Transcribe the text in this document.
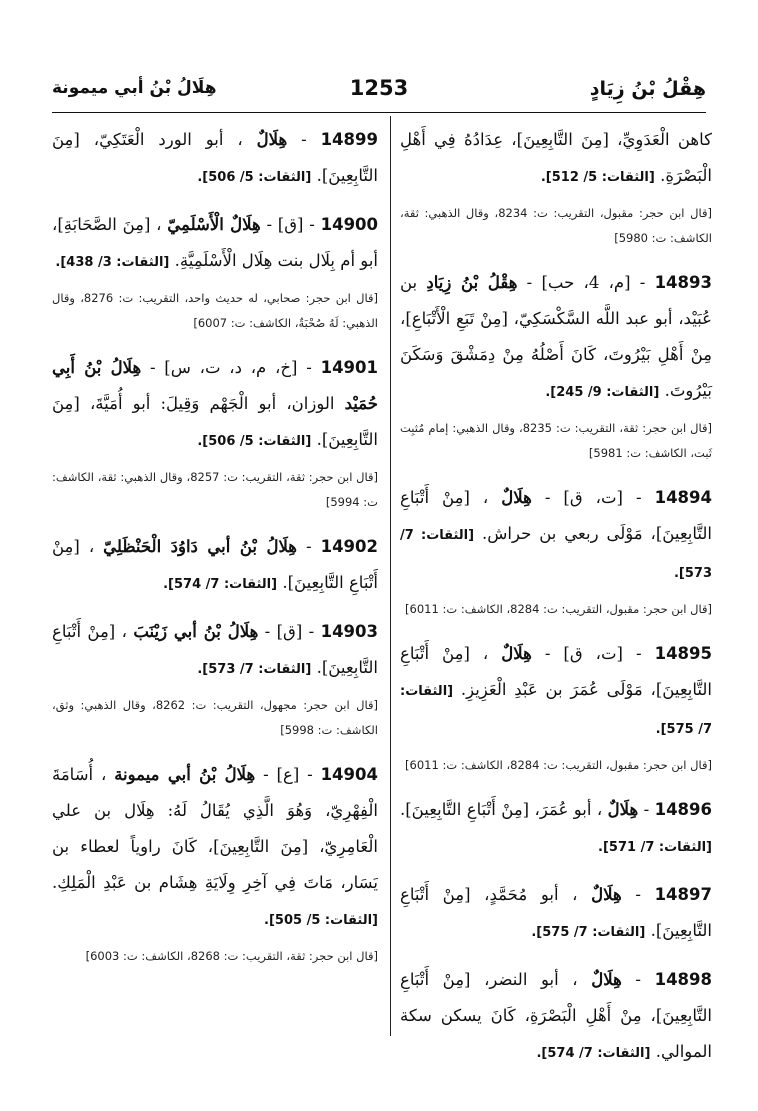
هِقْلُ بْنُ زِيَادٍ
1253
هِلَالُ بْنُ أبي ميمونة
كاهن الْعَدَوِيِّ، [مِنَ التَّابِعِينَ]، عِدَادُهُ فِي أَهْلِ الْبَصْرَةِ. [الثقات: 5/ 512].
[قال ابن حجر: مقبول، التقريب: ت: 8234، وقال الذهبي: ثقة، الكاشف: ت: 5980]
14893 - [م، 4، حب] - هِقْلُ بْنُ زِيَادِ بن عُبَيْد، أبو عبد اللَّه السَّكْسَكِيّ، [مِنْ تَبَعِ الْأَتْبَاعِ]، مِنْ أَهْلِ بَيْرُوتَ، كَانَ أَصْلُهُ مِنْ دِمَشْقَ وَسَكَنَ بَيْرُوتَ. [الثقات: 9/ 245].
[قال ابن حجر: ثقة، التقريب: ت: 8235، وقال الذهبي: إمام مُثبِت ثَبت، الكاشف: ت: 5981]
14894 - [ت، ق] - هِلَالٌ ، [مِنْ أَتْبَاعِ التَّابِعِينَ]، مَوْلَى ربعي بن حراش. [الثقات: 7/ 573].
[قال ابن حجر: مقبول، التقريب: ت: 8284، الكاشف: ت: 6011]
14895 - [ت، ق] - هِلَالٌ ، [مِنْ أَتْبَاعِ التَّابِعِينَ]، مَوْلَى عُمَرَ بن عَبْدِ الْعَزِيزِ. [الثقات: 7/ 575].
[قال ابن حجر: مقبول، التقريب: ت: 8284، الكاشف: ت: 6011]
14896 - هِلَالٌ ، أبو عُمَرَ، [مِنْ أَتْبَاعِ التَّابِعِينَ]. [الثقات: 7/ 571].
14897 - هِلَالٌ ، أبو مُحَمَّدٍ، [مِنْ أَتْبَاعِ التَّابِعِينَ]. [الثقات: 7/ 575].
14898 - هِلَالٌ ، أبو النضر، [مِنْ أَتْبَاعِ التَّابِعِينَ]، مِنْ أَهْلِ الْبَصْرَةِ، كَانَ يسكن سكة الموالي. [الثقات: 7/ 574].
14899 - هِلَالٌ ، أبو الورد الْعَتَكِيّ، [مِنَ التَّابِعِينَ]. [الثقات: 5/ 506].
14900 - [ق] - هِلَالٌ الْأَسْلَمِيّ ، [مِنَ الصَّحَابَةِ]، أبو أم بِلَال بنت هِلَال الْأَسْلَمِيَّةِ. [الثقات: 3/ 438].
[قال ابن حجر: صحابي، له حديث واحد، التقريب: ت: 8276، وقال الذهبي: لَهُ صُحْبَةٌ، الكاشف: ت: 6007]
14901 - [خ، م، د، ت، س] - هِلَالُ بْنُ أَبِي حُمَيْد الوزان، أبو الْجَهْم وَقِيلَ: أبو أُمَيَّةَ، [مِنَ التَّابِعِينَ]. [الثقات: 5/ 506].
[قال ابن حجر: ثقة، التقريب: ت: 8257، وقال الذهبي: ثقة، الكاشف: ت: 5994]
14902 - هِلَالُ بْنُ أبي دَاوُدَ الْحَنْظَلِيّ ، [مِنْ أَتْبَاعِ التَّابِعِينَ]. [الثقات: 7/ 574].
14903 - [ق] - هِلَالُ بْنُ أبي زَيْنَبَ ، [مِنْ أَتْبَاعِ التَّابِعِينَ]. [الثقات: 7/ 573].
[قال ابن حجر: مجهول، التقريب: ت: 8262، وقال الذهبي: وثق، الكاشف: ت: 5998]
14904 - [ع] - هِلَالُ بْنُ أبي ميمونة ، أُسَامَةَ الْفِهْرِيّ، وَهُوَ الَّذِي يُقَالُ لَهُ: هِلَال بن علي الْعَامِرِيّ، [مِنَ التَّابِعِينَ]، كَانَ راوياً لعطاء بن يَسَار، مَاتَ فِي آخِرِ وِلَايَةِ هِشَام بن عَبْدِ الْمَلِكِ. [الثقات: 5/ 505].
[قال ابن حجر: ثقة، التقريب: ت: 8268، الكاشف: ت: 6003]
